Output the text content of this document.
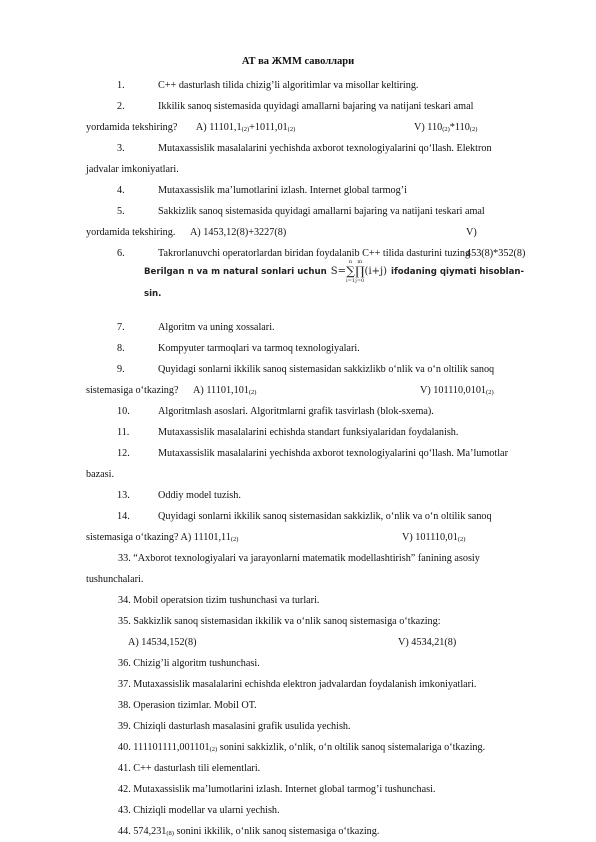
АТ ва ЖММ саволлари
1.	C++ dasturlash tilida chizig’li algoritimlar va misollar keltiring.
2.	Ikkilik sanoq sistemasida quyidagi amallarni bajaring va natijani teskari amal
yordamida tekshiring? A) $11101,1_{(2)}+1011,01_{(2)}$	V) $110_{(2)}*110_{(2)}$
3.	Mutaxassislik masalalarini yechishda axborot texnologiyalarini qo‘llash. Elektron
jadvalar imkoniyatlari.
4.	Mutaxassislik ma’lumotlarini izlash. Internet global tarmog’i
5.	Sakkizlik sanoq sistemasida quyidagi amallarni bajaring va natijani teskari amal
yordamida tekshiring. A) 1453,12(8)+3227(8)	V) 453(8)*352(8)
6.	Takrorlanuvchi operatorlardan biridan foydalanib C++ tilida dasturini tuzing
Berilgan n va m natural sonlari uchun S=
n
∑
i=1
m
∏
j=0
(i+j) ifodaning qiymati hisoblan-
sin.
7.	Algoritm va uning xossalari.
8.	Kompyuter tarmoqlari va tarmoq texnologiyalari.
9.	Quyidagi sonlarni ikkilik sanoq sistemasidan sakkizlikb o‘nlik va o‘n oltilik sanoq
sistemasiga o‘tkazing? A) $11101,101_{(2)}$	V) $101110,0101_{(2)}$
10.	Algoritmlash asoslari. Algoritmlarni grafik tasvirlash (blok-sxema).
11.	Mutaxassislik masalalarini echishda standart funksiyalaridan foydalanish.
12.	Mutaxassislik masalalarini yechishda axborot texnologiyalarini qo‘llash. Ma’lumotlar
bazasi.
13.	Oddiy model tuzish.
14.	Quyidagi sonlarni ikkilik sanoq sistemasidan sakkizlik, o‘nlik va o‘n oltilik sanoq
sistemasiga o‘tkazing? A) $11101,11_{(2)}$	V) $101110,01_{(2)}$
33. “Axborot texnologiyalari va jarayonlarni matematik modellashtirish” fanining asosiy
tushunchalari.
34. Mobil operatsion tizim tushunchasi va turlari.
35. Sakkizlik sanoq sistemasidan ikkilik va o‘nlik sanoq sistemasiga o‘tkazing:
A) 14534,152(8)	V) 4534,21(8)
36. Chizig’li algoritm tushunchasi.
37. Mutaxassislik masalalarini echishda elektron jadvalardan foydalanish imkoniyatlari.
38. Operasion tizimlar. Mobil OT.
39. Chiziqli dasturlash masalasini grafik usulida yechish.
40. $111101111,001101_{(2)}$ sonini sakkizlik, o‘nlik, o‘n oltilik sanoq sistemalariga o‘tkazing.
41. C++ dasturlash tili elementlari.
42. Mutaxassislik ma’lumotlarini izlash. Internet global tarmog’i tushunchasi.
43. Chiziqli modellar va ularni yechish.
44. $574,231_{(8)}$ sonini ikkilik, o‘nlik sanoq sistemasiga o‘tkazing.
